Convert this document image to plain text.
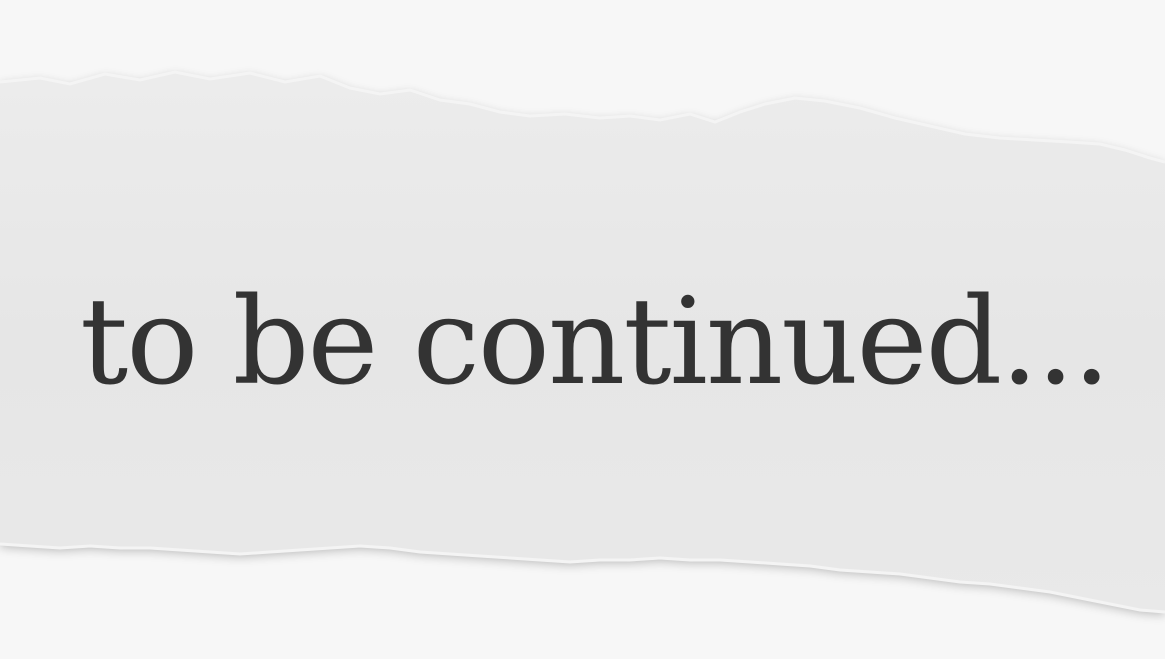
to be continued...
